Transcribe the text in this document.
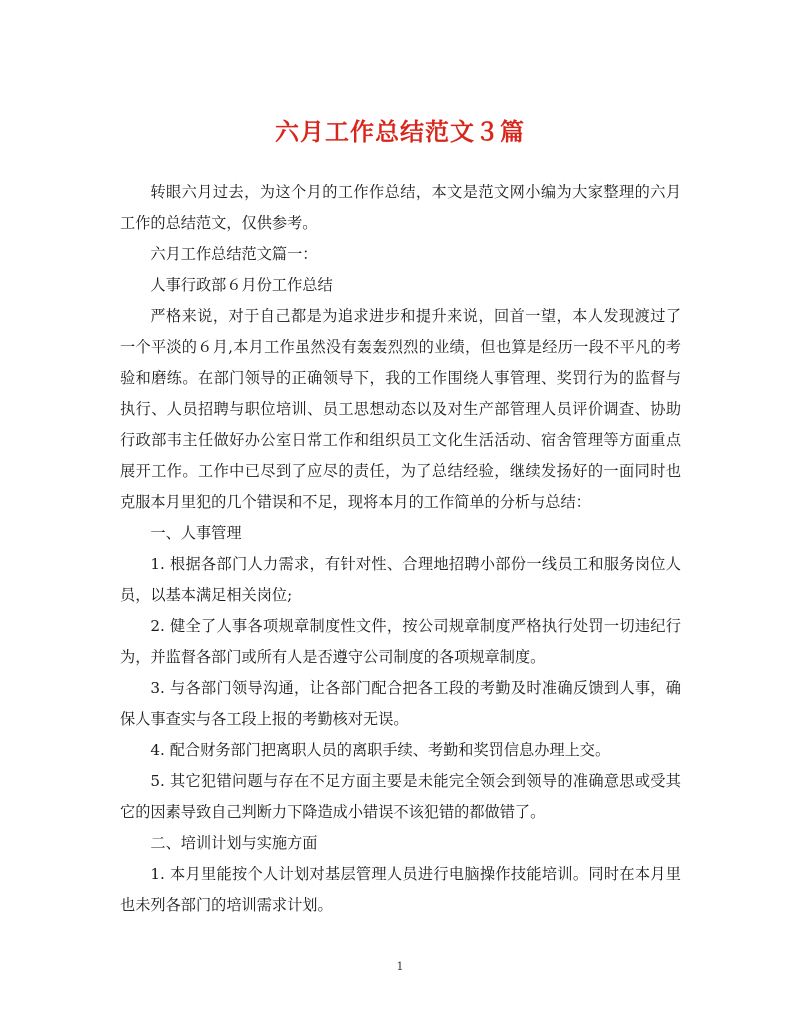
六月工作总结范文３篇

转眼六月过去，为这个月的工作作总结，本文是范文网小编为大家整理的六月工作的总结范文，仅供参考。

六月工作总结范文篇一：

人事行政部６月份工作总结

严格来说，对于自己都是为追求进步和提升来说，回首一望，本人发现渡过了一个平淡的６月,本月工作虽然没有轰轰烈烈的业绩，但也算是经历一段不平凡的考验和磨练。在部门领导的正确领导下，我的工作围绕人事管理、奖罚行为的监督与执行、人员招聘与职位培训、员工思想动态以及对生产部管理人员评价调查、协助行政部韦主任做好办公室日常工作和组织员工文化生活活动、宿舍管理等方面重点展开工作。工作中已尽到了应尽的责任，为了总结经验，继续发扬好的一面同时也克服本月里犯的几个错误和不足，现将本月的工作简单的分析与总结：

一、人事管理

1. 根据各部门人力需求，有针对性、合理地招聘小部份一线员工和服务岗位人员，以基本满足相关岗位;

2. 健全了人事各项规章制度性文件，按公司规章制度严格执行处罚一切违纪行为，并监督各部门或所有人是否遵守公司制度的各项规章制度。

3. 与各部门领导沟通，让各部门配合把各工段的考勤及时准确反馈到人事，确保人事查实与各工段上报的考勤核对无误。

4. 配合财务部门把离职人员的离职手续、考勤和奖罚信息办理上交。

5. 其它犯错问题与存在不足方面主要是未能完全领会到领导的准确意思或受其它的因素导致自己判断力下降造成小错误不该犯错的都做错了。

二、培训计划与实施方面

1. 本月里能按个人计划对基层管理人员进行电脑操作技能培训。同时在本月里也未列各部门的培训需求计划。

1
